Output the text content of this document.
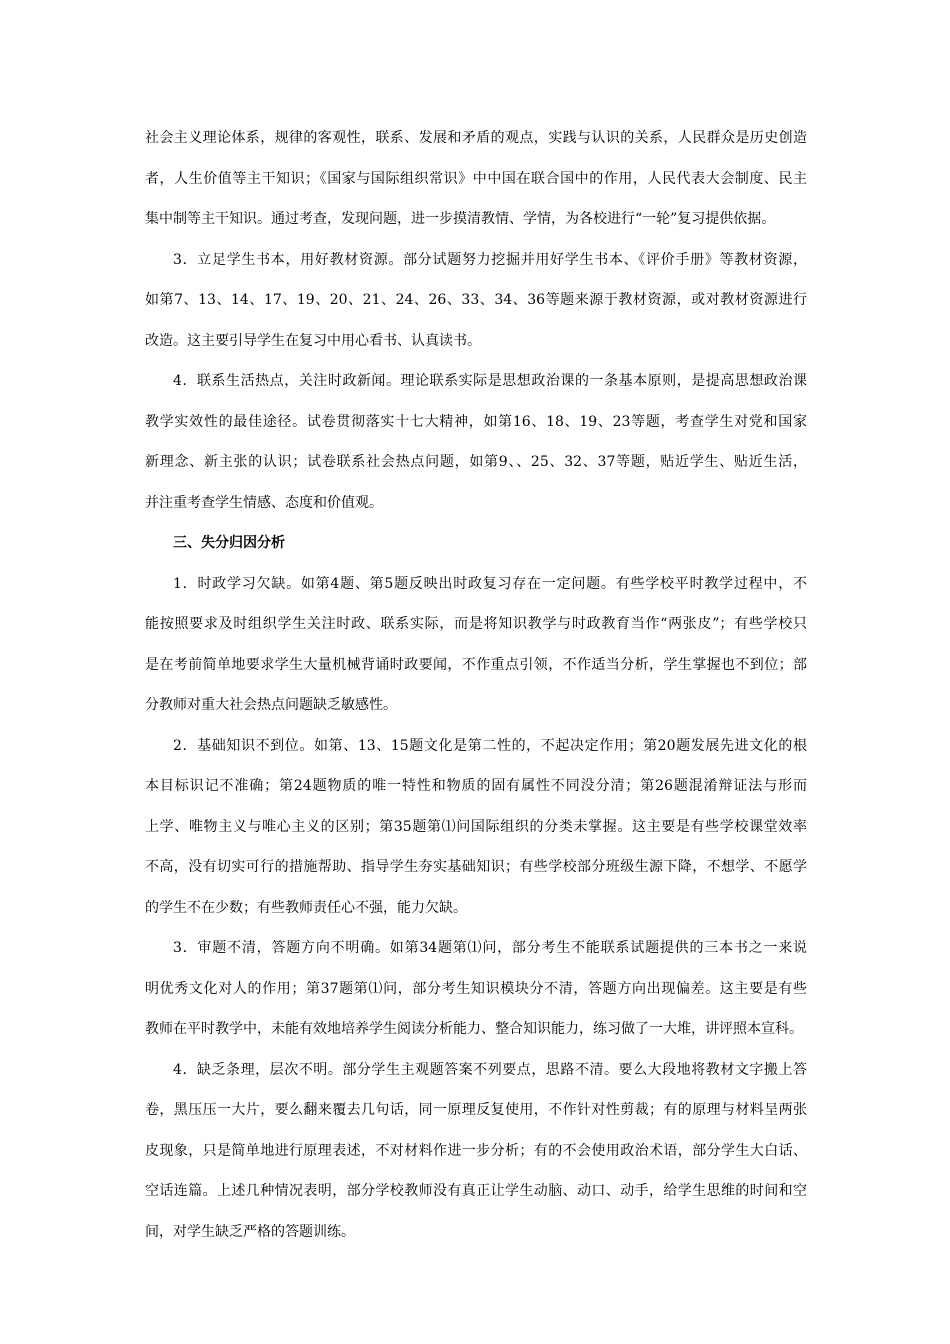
社会主义理论体系，规律的客观性，联系、发展和矛盾的观点，实践与认识的关系，人民群众是历史创造
者，人生价值等主干知识；《国家与国际组织常识》中中国在联合国中的作用，人民代表大会制度、民主
集中制等主干知识。通过考查，发现问题，进一步摸清教情、学情，为各校进行“一轮”复习提供依据。
3．立足学生书本，用好教材资源。部分试题努力挖掘并用好学生书本、《评价手册》等教材资源，
如第7、13、14、17、19、20、21、24、26、33、34、36等题来源于教材资源，或对教材资源进行
改造。这主要引导学生在复习中用心看书、认真读书。
4．联系生活热点，关注时政新闻。理论联系实际是思想政治课的一条基本原则，是提高思想政治课
教学实效性的最佳途径。试卷贯彻落实十七大精神，如第16、18、19、23等题，考查学生对党和国家
新理念、新主张的认识；试卷联系社会热点问题，如第9、、25、32、37等题，贴近学生、贴近生活，
并注重考查学生情感、态度和价值观。
三、失分归因分析
1．时政学习欠缺。如第4题、第5题反映出时政复习存在一定问题。有些学校平时教学过程中，不
能按照要求及时组织学生关注时政、联系实际，而是将知识教学与时政教育当作“两张皮”；有些学校只
是在考前简单地要求学生大量机械背诵时政要闻，不作重点引领，不作适当分析，学生掌握也不到位；部
分教师对重大社会热点问题缺乏敏感性。
2．基础知识不到位。如第、13、15题文化是第二性的，不起决定作用；第20题发展先进文化的根
本目标识记不准确；第24题物质的唯一特性和物质的固有属性不同没分清；第26题混淆辩证法与形而
上学、唯物主义与唯心主义的区别；第35题第⑴问国际组织的分类未掌握。这主要是有些学校课堂效率
不高，没有切实可行的措施帮助、指导学生夯实基础知识；有些学校部分班级生源下降，不想学、不愿学
的学生不在少数；有些教师责任心不强，能力欠缺。
3．审题不清，答题方向不明确。如第34题第⑴问，部分考生不能联系试题提供的三本书之一来说
明优秀文化对人的作用；第37题第⑴问，部分考生知识模块分不清，答题方向出现偏差。这主要是有些
教师在平时教学中，未能有效地培养学生阅读分析能力、整合知识能力，练习做了一大堆，讲评照本宣科。
4．缺乏条理，层次不明。部分学生主观题答案不列要点，思路不清。要么大段地将教材文字搬上答
卷，黑压压一大片，要么翻来覆去几句话，同一原理反复使用，不作针对性剪裁；有的原理与材料呈两张
皮现象，只是简单地进行原理表述，不对材料作进一步分析；有的不会使用政治术语，部分学生大白话、
空话连篇。上述几种情况表明，部分学校教师没有真正让学生动脑、动口、动手，给学生思维的时间和空
间，对学生缺乏严格的答题训练。
